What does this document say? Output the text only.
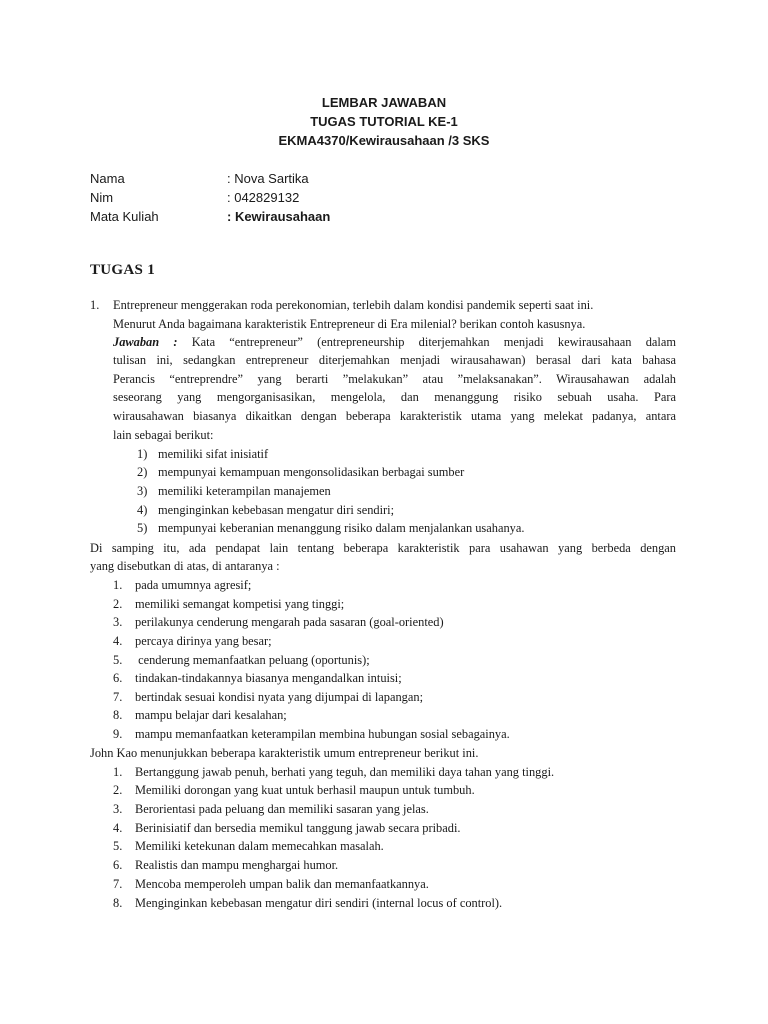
LEMBAR JAWABAN
TUGAS TUTORIAL KE-1
EKMA4370/Kewirausahaan /3 SKS
Nama	: Nova Sartika
Nim	: 042829132
Mata Kuliah	: Kewirausahaan
TUGAS 1
1. Entrepreneur menggerakan roda perekonomian, terlebih dalam kondisi pandemik seperti saat ini.
Menurut Anda bagaimana karakteristik Entrepreneur di Era milenial? berikan contoh kasusnya.
Jawaban : Kata “entrepreneur” (entrepreneurship diterjemahkan menjadi kewirausahaan dalam
tulisan ini, sedangkan entrepreneur diterjemahkan menjadi wirausahawan) berasal dari kata bahasa
Perancis “entreprendre” yang berarti ”melakukan” atau ”melaksanakan”. Wirausahawan adalah
seseorang yang mengorganisasikan, mengelola, dan menanggung risiko sebuah usaha. Para
wirausahawan biasanya dikaitkan dengan beberapa karakteristik utama yang melekat padanya, antara
lain sebagai berikut:
1) memiliki sifat inisiatif
2) mempunyai kemampuan mengonsolidasikan berbagai sumber
3) memiliki keterampilan manajemen
4) menginginkan kebebasan mengatur diri sendiri;
5) mempunyai keberanian menanggung risiko dalam menjalankan usahanya.
Di samping itu, ada pendapat lain tentang beberapa karakteristik para usahawan yang berbeda dengan
yang disebutkan di atas, di antaranya :
1. pada umumnya agresif;
2. memiliki semangat kompetisi yang tinggi;
3. perilakunya cenderung mengarah pada sasaran (goal-oriented)
4. percaya dirinya yang besar;
5. cenderung memanfaatkan peluang (oportunis);
6. tindakan-tindakannya biasanya mengandalkan intuisi;
7. bertindak sesuai kondisi nyata yang dijumpai di lapangan;
8. mampu belajar dari kesalahan;
9. mampu memanfaatkan keterampilan membina hubungan sosial sebagainya.
John Kao menunjukkan beberapa karakteristik umum entrepreneur berikut ini.
1. Bertanggung jawab penuh, berhati yang teguh, dan memiliki daya tahan yang tinggi.
2. Memiliki dorongan yang kuat untuk berhasil maupun untuk tumbuh.
3. Berorientasi pada peluang dan memiliki sasaran yang jelas.
4. Berinisiatif dan bersedia memikul tanggung jawab secara pribadi.
5. Memiliki ketekunan dalam memecahkan masalah.
6. Realistis dan mampu menghargai humor.
7. Mencoba memperoleh umpan balik dan memanfaatkannya.
8. Menginginkan kebebasan mengatur diri sendiri (internal locus of control).
